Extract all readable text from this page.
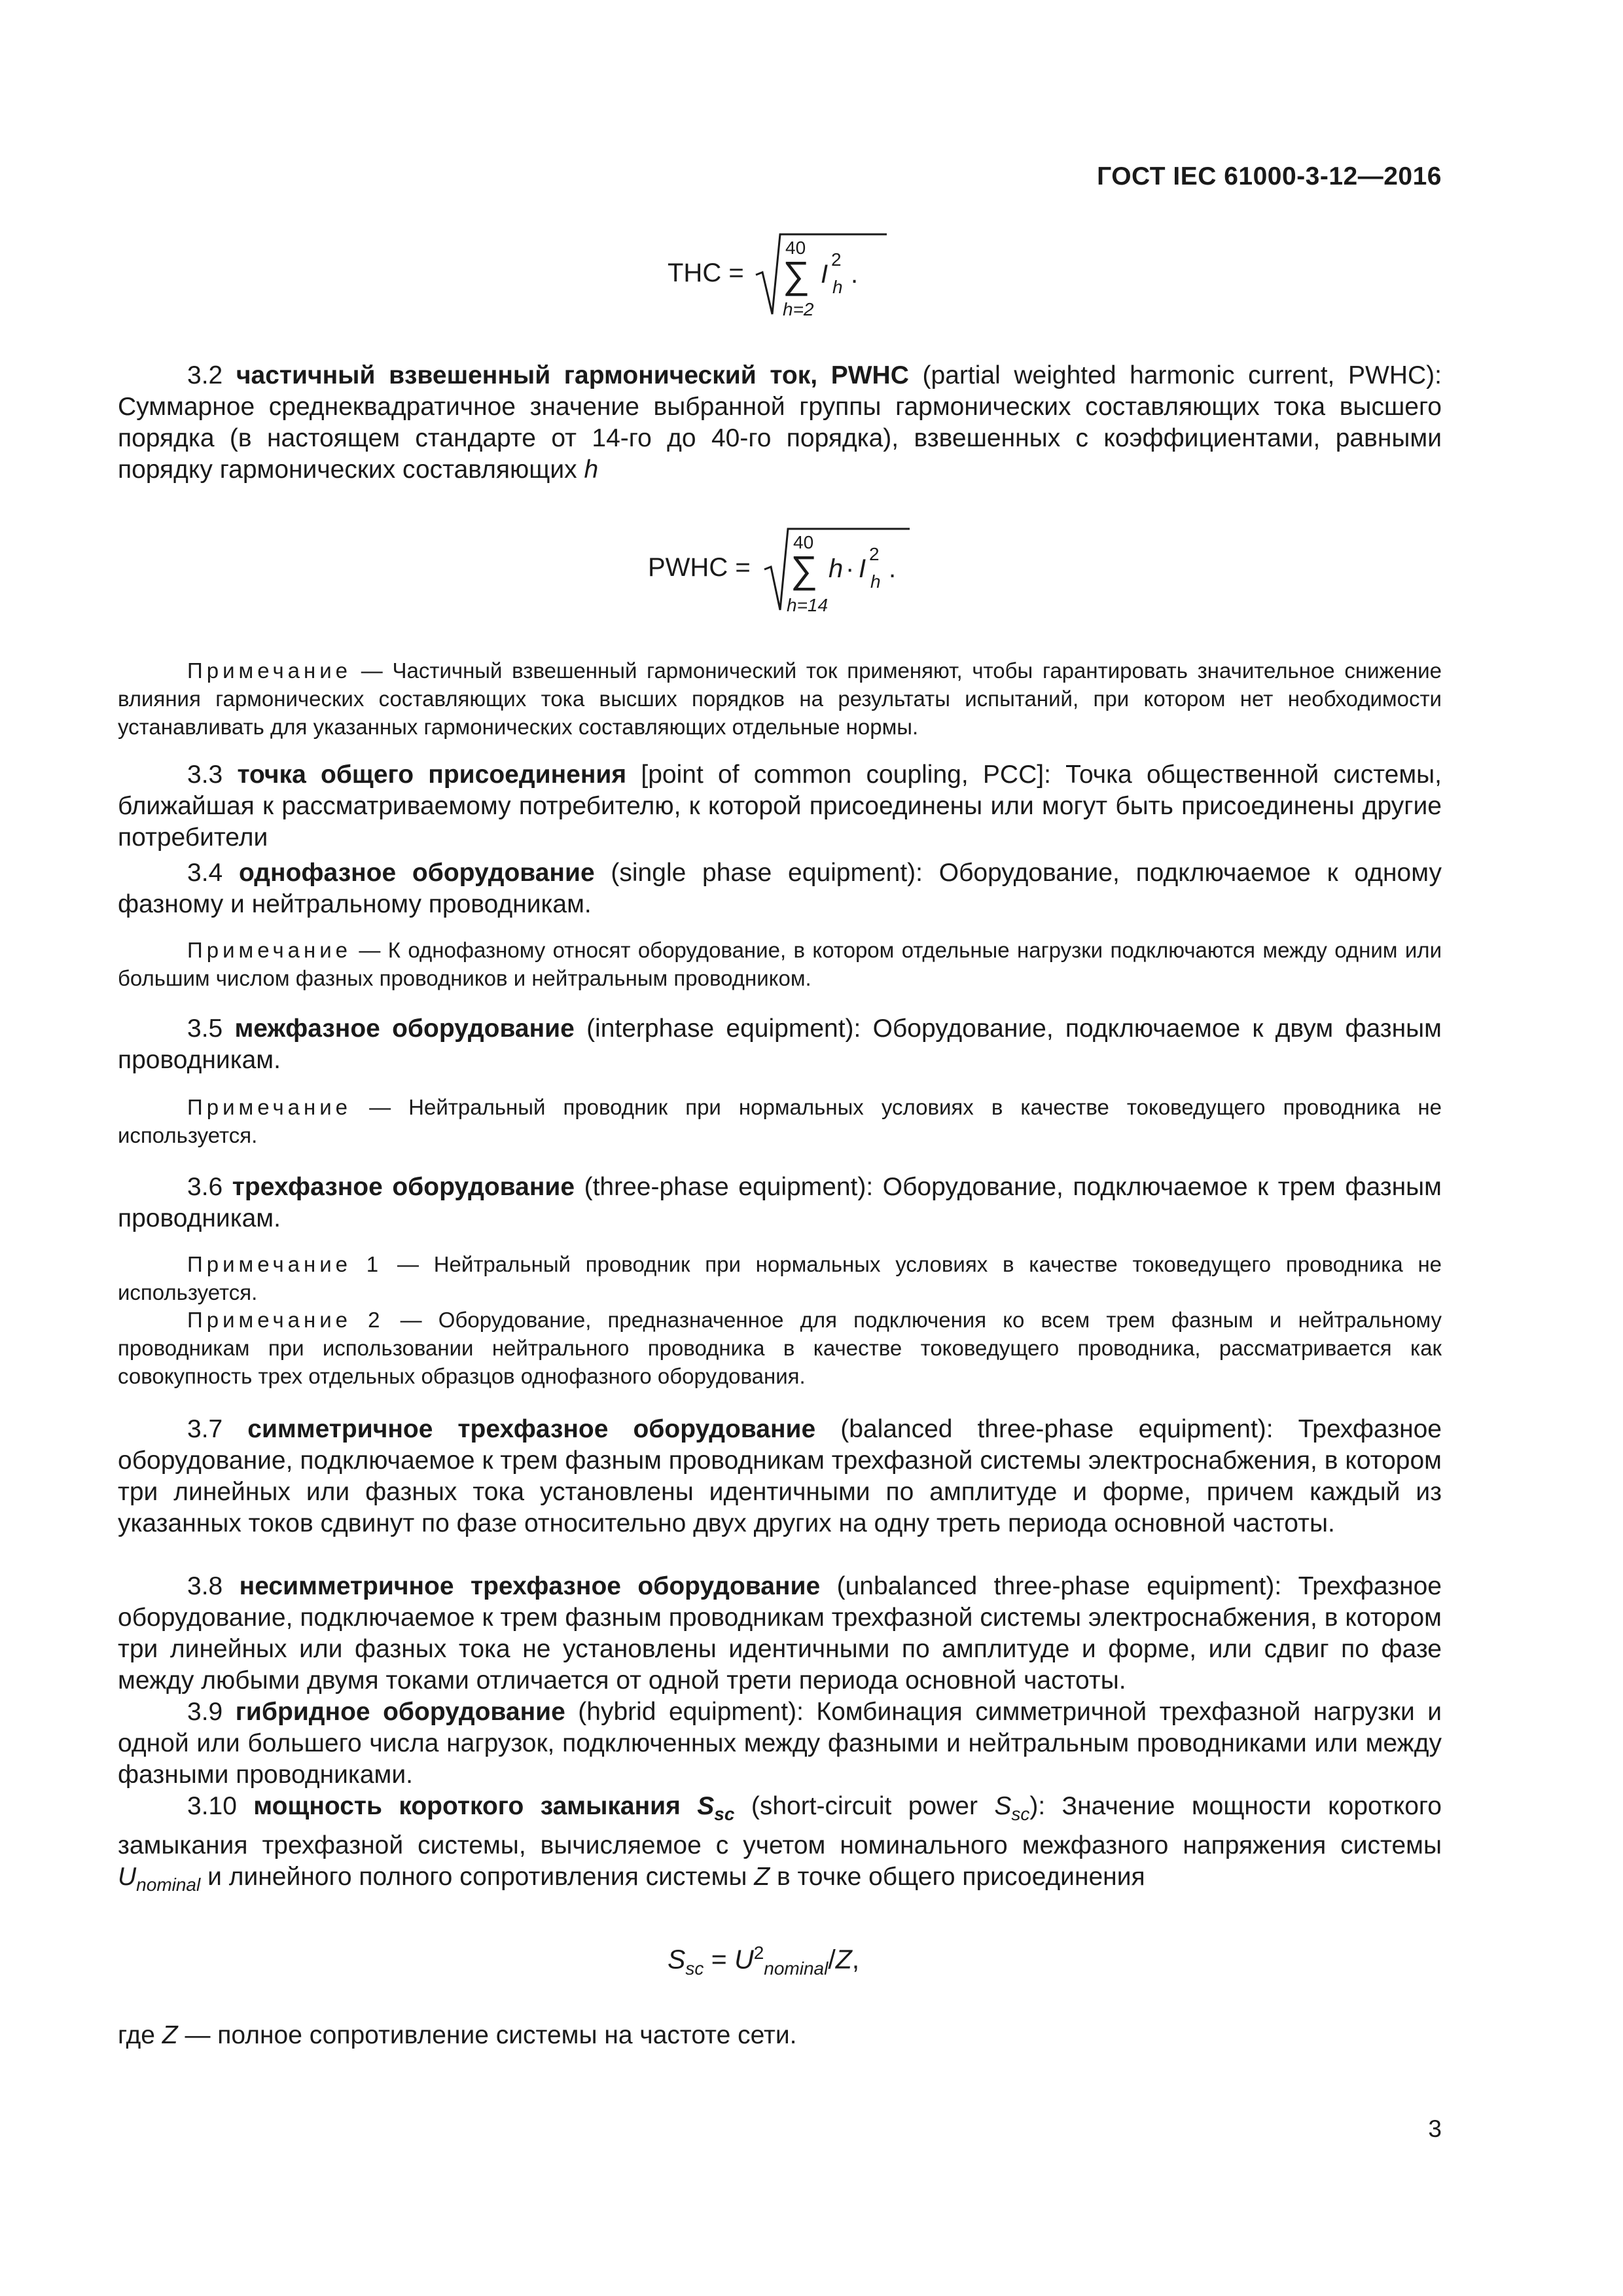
ГОСТ IEC 61000-3-12—2016
THC =
40
∑
h=2
I
2
h .

3.2 частичный взвешенный гармонический ток, PWHC (partial weighted harmonic current, PWHC): Суммарное среднеквадратичное значение выбранной группы гармонических составляющих тока высшего порядка (в настоящем стандарте от 14-го до 40-го порядка), взвешенных с коэффициентами, равными порядку гармонических составляющих h

PWHC =
40
∑
h=14
h · I
2
h .

Примечание — Частичный взвешенный гармонический ток применяют, чтобы гарантировать значительное снижение влияния гармонических составляющих тока высших порядков на результаты испытаний, при котором нет необходимости устанавливать для указанных гармонических составляющих отдельные нормы.

3.3 точка общего присоединения [point of common coupling, PCC]: Точка общественной системы, ближайшая к рассматриваемому потребителю, к которой присоединены или могут быть присоединены другие потребители

3.4 однофазное оборудование (single phase equipment): Оборудование, подключаемое к одному фазному и нейтральному проводникам.

Примечание — К однофазному относят оборудование, в котором отдельные нагрузки подключаются между одним или большим числом фазных проводников и нейтральным проводником.

3.5 межфазное оборудование (interphase equipment): Оборудование, подключаемое к двум фазным проводникам.

Примечание — Нейтральный проводник при нормальных условиях в качестве токоведущего проводника не используется.

3.6 трехфазное оборудование (three-phase equipment): Оборудование, подключаемое к трем фазным проводникам.

Примечание 1 — Нейтральный проводник при нормальных условиях в качестве токоведущего проводника не используется.

Примечание 2 — Оборудование, предназначенное для подключения ко всем трем фазным и нейтральному проводникам при использовании нейтрального проводника в качестве токоведущего проводника, рассматривается как совокупность трех отдельных образцов однофазного оборудования.

3.7 симметричное трехфазное оборудование (balanced three-phase equipment): Трехфазное оборудование, подключаемое к трем фазным проводникам трехфазной системы электроснабжения, в котором три линейных или фазных тока установлены идентичными по амплитуде и форме, причем каждый из указанных токов сдвинут по фазе относительно двух других на одну треть периода основной частоты.

3.8 несимметричное трехфазное оборудование (unbalanced three-phase equipment): Трехфазное оборудование, подключаемое к трем фазным проводникам трехфазной системы электроснабжения, в котором три линейных или фазных тока не установлены идентичными по амплитуде и форме, или сдвиг по фазе между любыми двумя токами отличается от одной трети периода основной частоты.

3.9 гибридное оборудование (hybrid equipment): Комбинация симметричной трехфазной нагрузки и одной или большего числа нагрузок, подключенных между фазными и нейтральным проводниками или между фазными проводниками.

3.10 мощность короткого замыкания $S_{sc}$ (short-circuit power $S_{sc}$): Значение мощности короткого замыкания трехфазной системы, вычисляемое с учетом номинального межфазного напряжения системы $U_{nominal}$ и линейного полного сопротивления системы Z в точке общего присоединения

$S_{sc} = U^2_{nominal}/Z$,
где Z — полное сопротивление системы на частоте сети.
3
